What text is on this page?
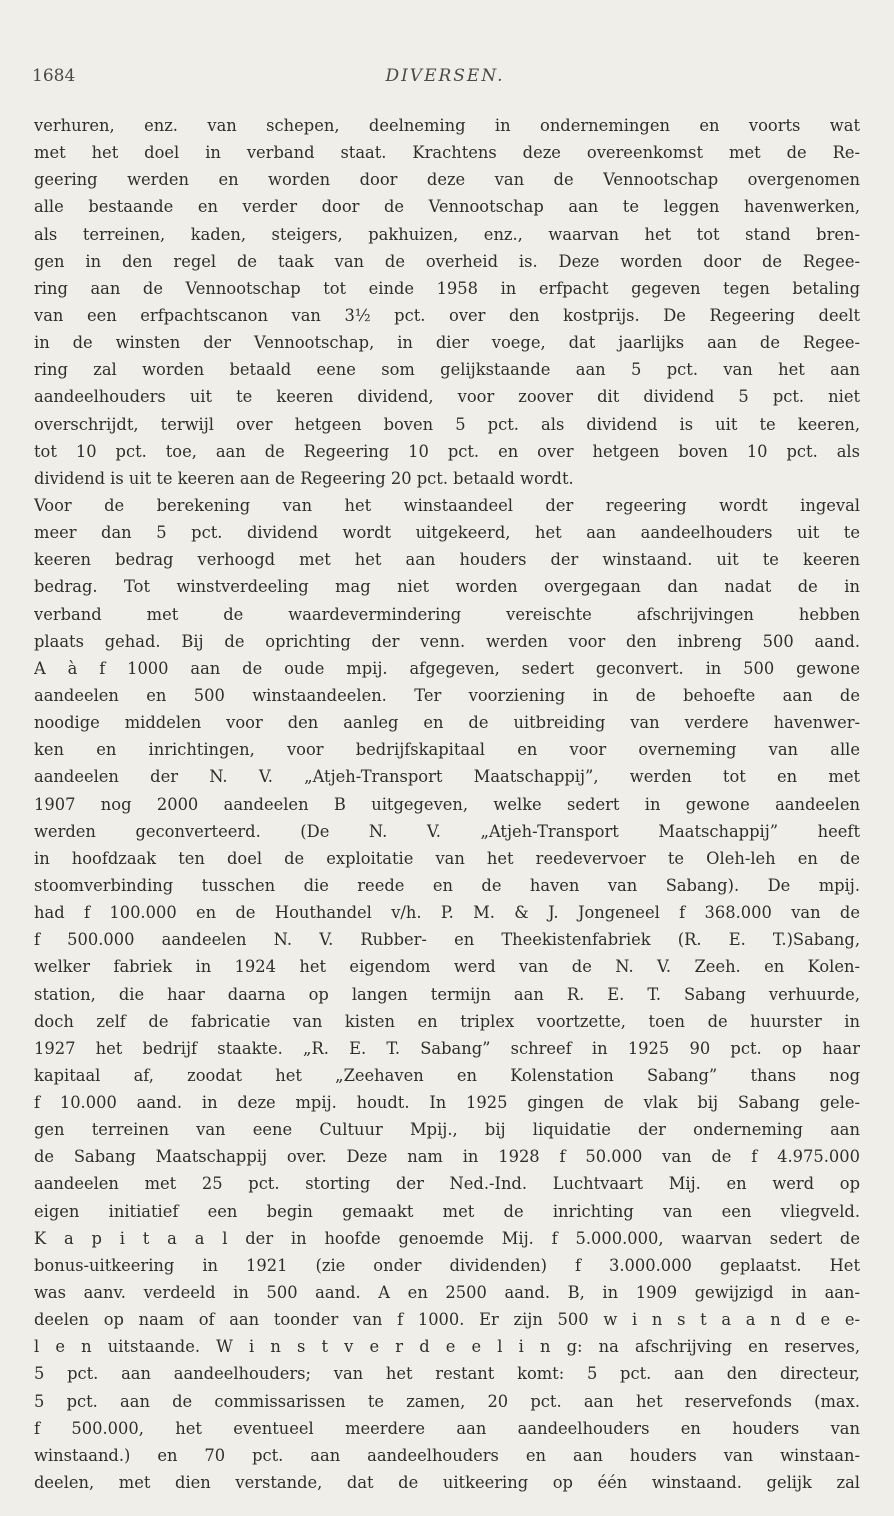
1684	DIVERSEN.
verhuren, enz. van schepen, deelneming in ondernemingen en voorts wat
met het doel in verband staat. Krachtens deze overeenkomst met de Re-
geering werden en worden door deze van de Vennootschap overgenomen
alle bestaande en verder door de Vennootschap aan te leggen havenwerken,
als terreinen, kaden, steigers, pakhuizen, enz., waarvan het tot stand bren-
gen in den regel de taak van de overheid is. Deze worden door de Regee-
ring aan de Vennootschap tot einde 1958 in erfpacht gegeven tegen betaling
van een erfpachtscanon van 3½ pct. over den kostprijs. De Regeering deelt
in de winsten der Vennootschap, in dier voege, dat jaarlijks aan de Regee-
ring zal worden betaald eene som gelijkstaande aan 5 pct. van het aan
aandeelhouders uit te keeren dividend, voor zoover dit dividend 5 pct. niet
overschrijdt, terwijl over hetgeen boven 5 pct. als dividend is uit te keeren,
tot 10 pct. toe, aan de Regeering 10 pct. en over hetgeen boven 10 pct. als
dividend is uit te keeren aan de Regeering 20 pct. betaald wordt.
Voor de berekening van het winstaandeel der regeering wordt ingeval
meer dan 5 pct. dividend wordt uitgekeerd, het aan aandeelhouders uit te
keeren bedrag verhoogd met het aan houders der winstaand. uit te keeren
bedrag. Tot winstverdeeling mag niet worden overgegaan dan nadat de in
verband met de waardevermindering vereischte afschrijvingen hebben
plaats gehad. Bij de oprichting der venn. werden voor den inbreng 500 aand.
A à f 1000 aan de oude mpij. afgegeven, sedert geconvert. in 500 gewone
aandeelen en 500 winstaandeelen. Ter voorziening in de behoefte aan de
noodige middelen voor den aanleg en de uitbreiding van verdere havenwer-
ken en inrichtingen, voor bedrijfskapitaal en voor overneming van alle
aandeelen der N. V. „Atjeh-Transport Maatschappij”, werden tot en met
1907 nog 2000 aandeelen B uitgegeven, welke sedert in gewone aandeelen
werden geconverteerd. (De N. V. „Atjeh-Transport Maatschappij” heeft
in hoofdzaak ten doel de exploitatie van het reedevervoer te Oleh-leh en de
stoomverbinding tusschen die reede en de haven van Sabang). De mpij.
had f 100.000 en de Houthandel v/h. P. M. & J. Jongeneel f 368.000 van de
f 500.000 aandeelen N. V. Rubber- en Theekistenfabriek (R. E. T.)Sabang,
welker fabriek in 1924 het eigendom werd van de N. V. Zeeh. en Kolen-
station, die haar daarna op langen termijn aan R. E. T. Sabang verhuurde,
doch zelf de fabricatie van kisten en triplex voortzette, toen de huurster in
1927 het bedrijf staakte. „R. E. T. Sabang” schreef in 1925 90 pct. op haar
kapitaal af, zoodat het „Zeehaven en Kolenstation Sabang” thans nog
f 10.000 aand. in deze mpij. houdt. In 1925 gingen de vlak bij Sabang gele-
gen terreinen van eene Cultuur Mpij., bij liquidatie der onderneming aan
de Sabang Maatschappij over. Deze nam in 1928 f 50.000 van de f 4.975.000
aandeelen met 25 pct. storting der Ned.-Ind. Luchtvaart Mij. en werd op
eigen initiatief een begin gemaakt met de inrichting van een vliegveld.
K a p i t a a l der in hoofde genoemde Mij. f 5.000.000, waarvan sedert de
bonus-uitkeering in 1921 (zie onder dividenden) f 3.000.000 geplaatst. Het
was aanv. verdeeld in 500 aand. A en 2500 aand. B, in 1909 gewijzigd in aan-
deelen op naam of aan toonder van f 1000. Er zijn 500 w i n s t a a n d e e-
l e n uitstaande. W i n s t v e r d e e l i n g: na afschrijving en reserves,
5 pct. aan aandeelhouders; van het restant komt: 5 pct. aan den directeur,
5 pct. aan de commissarissen te zamen, 20 pct. aan het reservefonds (max.
f 500.000, het eventueel meerdere aan aandeelhouders en houders van
winstaand.) en 70 pct. aan aandeelhouders en aan houders van winstaan-
deelen, met dien verstande, dat de uitkeering op één winstaand. gelijk zal
